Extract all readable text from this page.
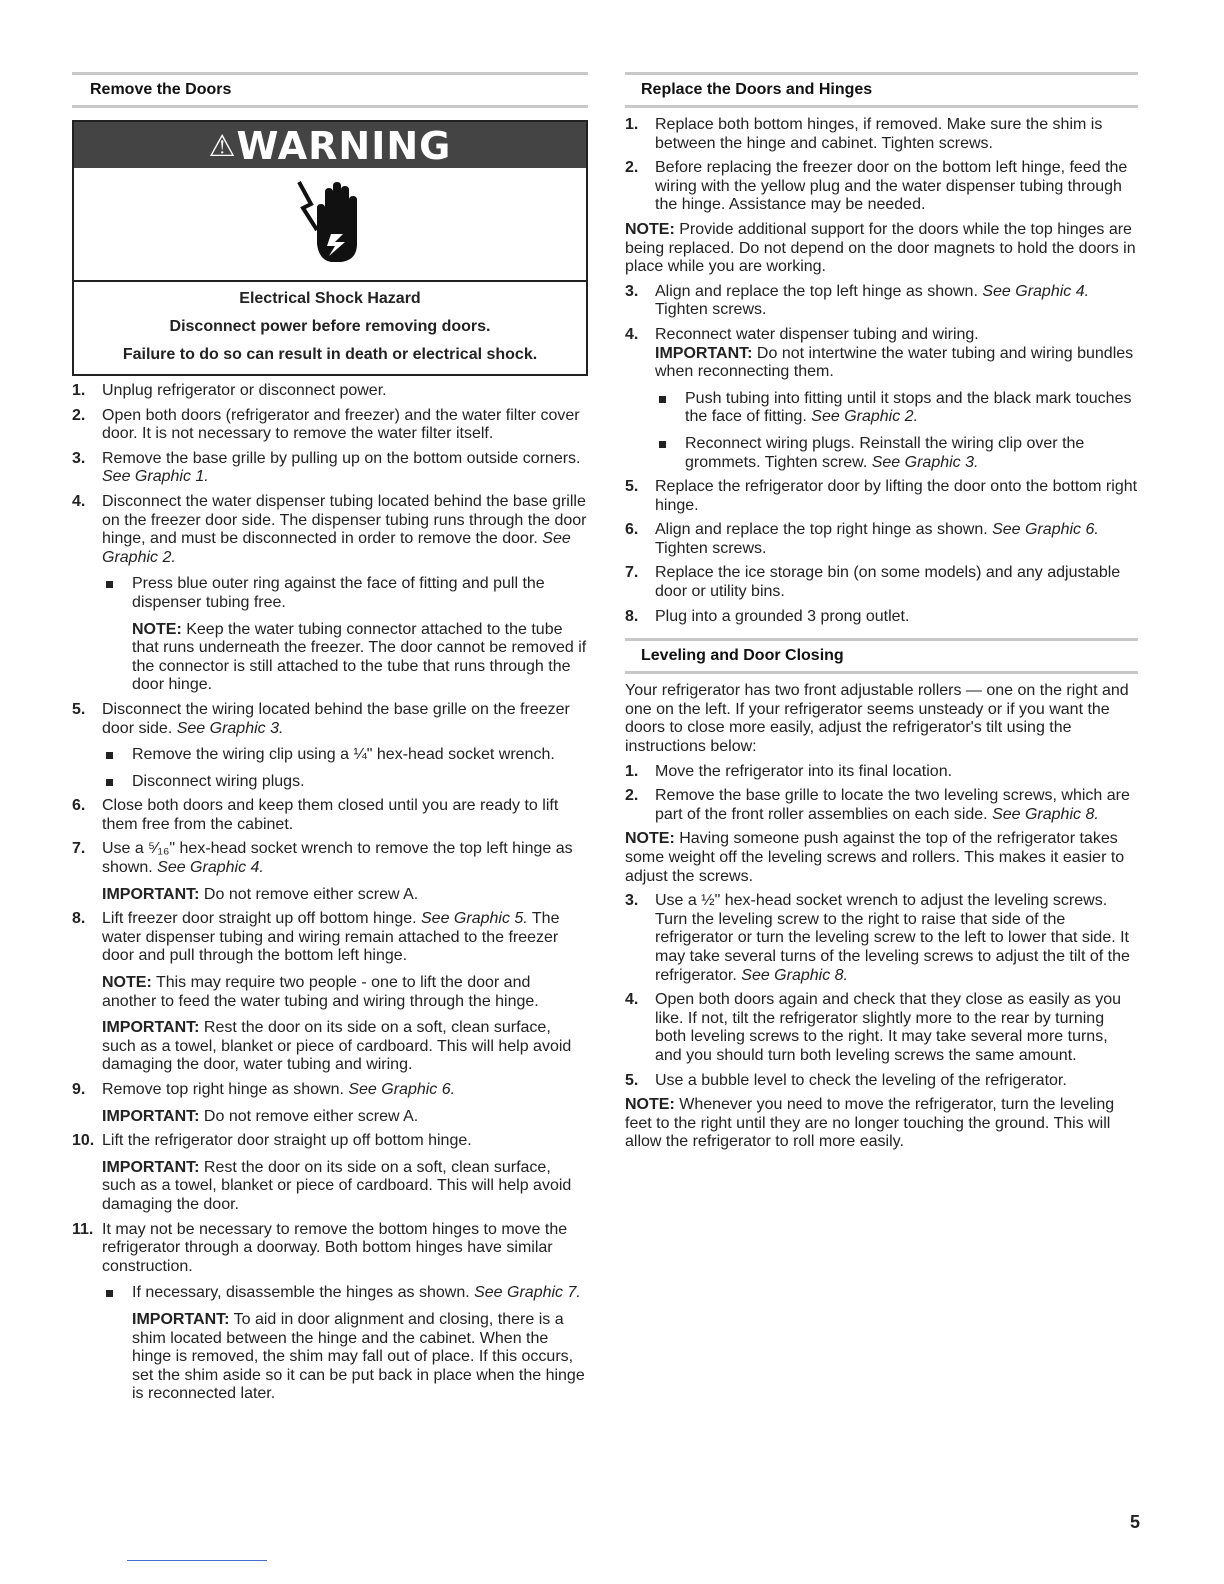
Remove the Doors
⚠WARNING
Electrical Shock Hazard
Disconnect power before removing doors.
Failure to do so can result in death or electrical shock.
1. Unplug refrigerator or disconnect power.
2. Open both doors (refrigerator and freezer) and the water filter cover door. It is not necessary to remove the water filter itself.
3. Remove the base grille by pulling up on the bottom outside corners. See Graphic 1.
4. Disconnect the water dispenser tubing located behind the base grille on the freezer door side. The dispenser tubing runs through the door hinge, and must be disconnected in order to remove the door. See Graphic 2.
Press blue outer ring against the face of fitting and pull the dispenser tubing free.
NOTE: Keep the water tubing connector attached to the tube that runs underneath the freezer. The door cannot be removed if the connector is still attached to the tube that runs through the door hinge.
5. Disconnect the wiring located behind the base grille on the freezer door side. See Graphic 3.
Remove the wiring clip using a ¼" hex-head socket wrench.
Disconnect wiring plugs.
6. Close both doors and keep them closed until you are ready to lift them free from the cabinet.
7. Use a ⁵⁄₁₆" hex-head socket wrench to remove the top left hinge as shown. See Graphic 4.
IMPORTANT: Do not remove either screw A.
8. Lift freezer door straight up off bottom hinge. See Graphic 5. The water dispenser tubing and wiring remain attached to the freezer door and pull through the bottom left hinge.
NOTE: This may require two people - one to lift the door and another to feed the water tubing and wiring through the hinge.
IMPORTANT: Rest the door on its side on a soft, clean surface, such as a towel, blanket or piece of cardboard. This will help avoid damaging the door, water tubing and wiring.
9. Remove top right hinge as shown. See Graphic 6.
IMPORTANT: Do not remove either screw A.
10. Lift the refrigerator door straight up off bottom hinge.
IMPORTANT: Rest the door on its side on a soft, clean surface, such as a towel, blanket or piece of cardboard. This will help avoid damaging the door.
11. It may not be necessary to remove the bottom hinges to move the refrigerator through a doorway. Both bottom hinges have similar construction.
If necessary, disassemble the hinges as shown. See Graphic 7.
IMPORTANT: To aid in door alignment and closing, there is a shim located between the hinge and the cabinet. When the hinge is removed, the shim may fall out of place. If this occurs, set the shim aside so it can be put back in place when the hinge is reconnected later.
Replace the Doors and Hinges
1. Replace both bottom hinges, if removed. Make sure the shim is between the hinge and cabinet. Tighten screws.
2. Before replacing the freezer door on the bottom left hinge, feed the wiring with the yellow plug and the water dispenser tubing through the hinge. Assistance may be needed.

NOTE: Provide additional support for the doors while the top hinges are being replaced. Do not depend on the door magnets to hold the doors in place while you are working.

3. Align and replace the top left hinge as shown. See Graphic 4. Tighten screws.
4. Reconnect water dispenser tubing and wiring.
IMPORTANT: Do not intertwine the water tubing and wiring bundles when reconnecting them.
Push tubing into fitting until it stops and the black mark touches the face of fitting. See Graphic 2.
Reconnect wiring plugs. Reinstall the wiring clip over the grommets. Tighten screw. See Graphic 3.
5. Replace the refrigerator door by lifting the door onto the bottom right hinge.
6. Align and replace the top right hinge as shown. See Graphic 6. Tighten screws.
7. Replace the ice storage bin (on some models) and any adjustable door or utility bins.
8. Plug into a grounded 3 prong outlet.
Leveling and Door Closing

Your refrigerator has two front adjustable rollers — one on the right and one on the left. If your refrigerator seems unsteady or if you want the doors to close more easily, adjust the refrigerator's tilt using the instructions below:

1. Move the refrigerator into its final location.
2. Remove the base grille to locate the two leveling screws, which are part of the front roller assemblies on each side. See Graphic 8.

NOTE: Having someone push against the top of the refrigerator takes some weight off the leveling screws and rollers. This makes it easier to adjust the screws.

3. Use a ½" hex-head socket wrench to adjust the leveling screws. Turn the leveling screw to the right to raise that side of the refrigerator or turn the leveling screw to the left to lower that side. It may take several turns of the leveling screws to adjust the tilt of the refrigerator. See Graphic 8.
4. Open both doors again and check that they close as easily as you like. If not, tilt the refrigerator slightly more to the rear by turning both leveling screws to the right. It may take several more turns, and you should turn both leveling screws the same amount.
5. Use a bubble level to check the leveling of the refrigerator.

NOTE: Whenever you need to move the refrigerator, turn the leveling feet to the right until they are no longer touching the ground. This will allow the refrigerator to roll more easily.

5
